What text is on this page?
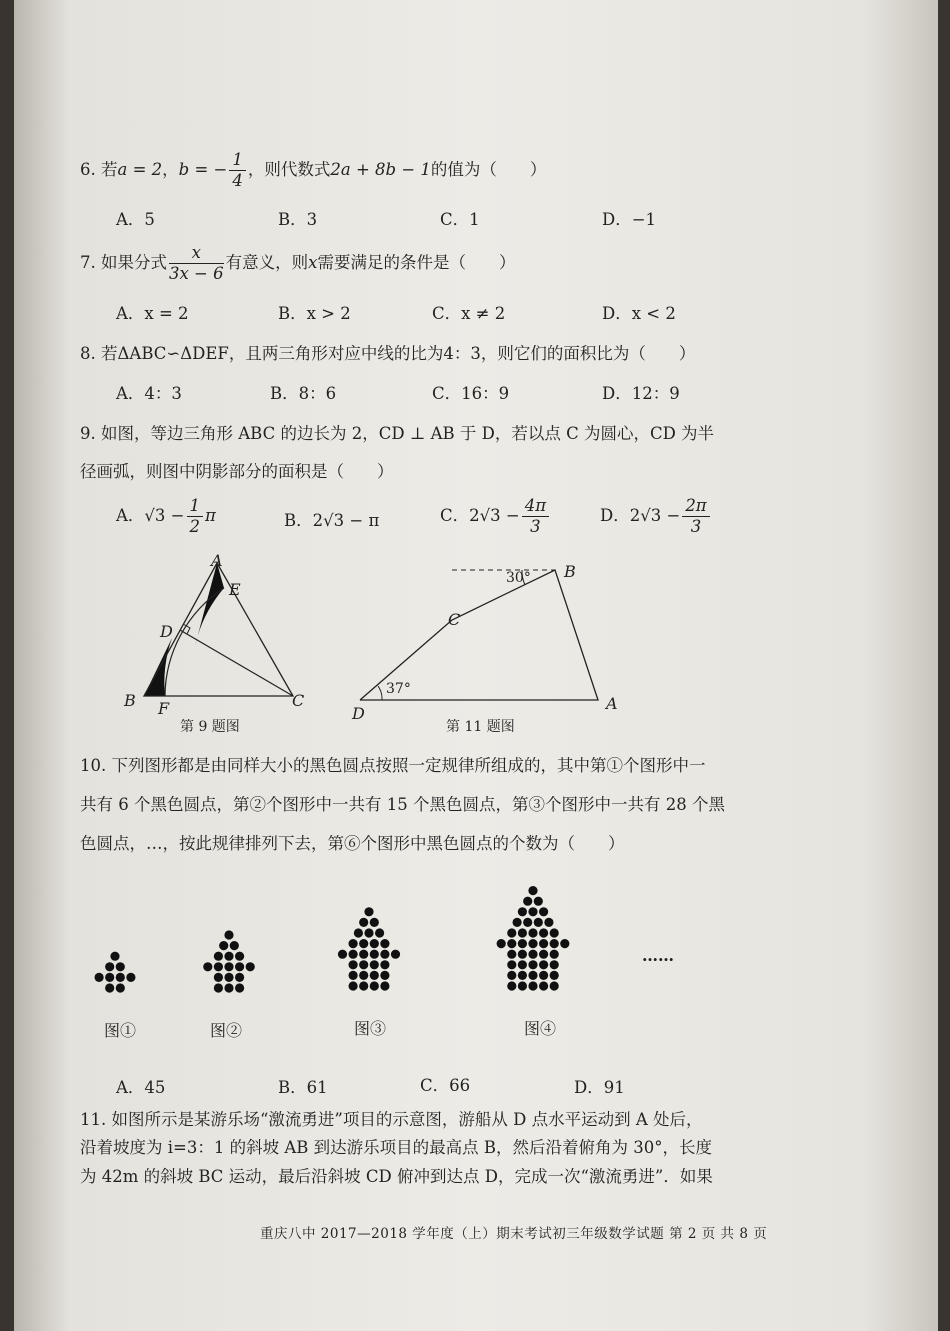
6. 若a = 2，b = − $\frac{1}{4}$ ，则代数式2a + 8b − 1的值为（　　）
A．5	B．3	C．1	D．−1
7. 如果分式 $\frac{x}{3x - 6}$ 有意义，则x需要满足的条件是（　　）
A．x = 2	B．x > 2	C．x ≠ 2	D．x < 2
8. 若ΔABC∽ΔDEF，且两三角形对应中线的比为4：3，则它们的面积比为（　　）
A．4：3	B．8：6	C．16：9	D．12：9
9. 如图，等边三角形 ABC 的边长为 2，CD ⊥ AB 于 D，若以点 C 为圆心，CD 为半
径画弧，则图中阴影部分的面积是（　　）
A．$√3 - \frac{1}{2}$ π	B．2√3 − π	C．$2√3 - \frac{4\pi}{3}$	D．$2√3 - \frac{2\pi}{3}$
A
E
D
B F	C
第 9 题图
B
C
D
A
30°
37°
第 11 题图
10. 下列图形都是由同样大小的黑色圆点按照一定规律所组成的，其中第①个图形中一
共有 6 个黑色圆点，第②个图形中一共有 15 个黑色圆点，第③个图形中一共有 28 个黑
色圆点，…，按此规律排列下去，第⑥个图形中黑色圆点的个数为（　　）
图①	图②	图③	图④
……
A．45	B．61	C．66	D．91
11. 如图所示是某游乐场“激流勇进”项目的示意图，游船从 D 点水平运动到 A 处后，
沿着坡度为 i=3：1 的斜坡 AB 到达游乐项目的最高点 B，然后沿着俯角为 30°，长度
为 42m 的斜坡 BC 运动，最后沿斜坡 CD 俯冲到达点 D，完成一次“激流勇进”．如果
重庆八中 2017—2018 学年度（上）期末考试初三年级数学试题 第 2 页 共 8 页
